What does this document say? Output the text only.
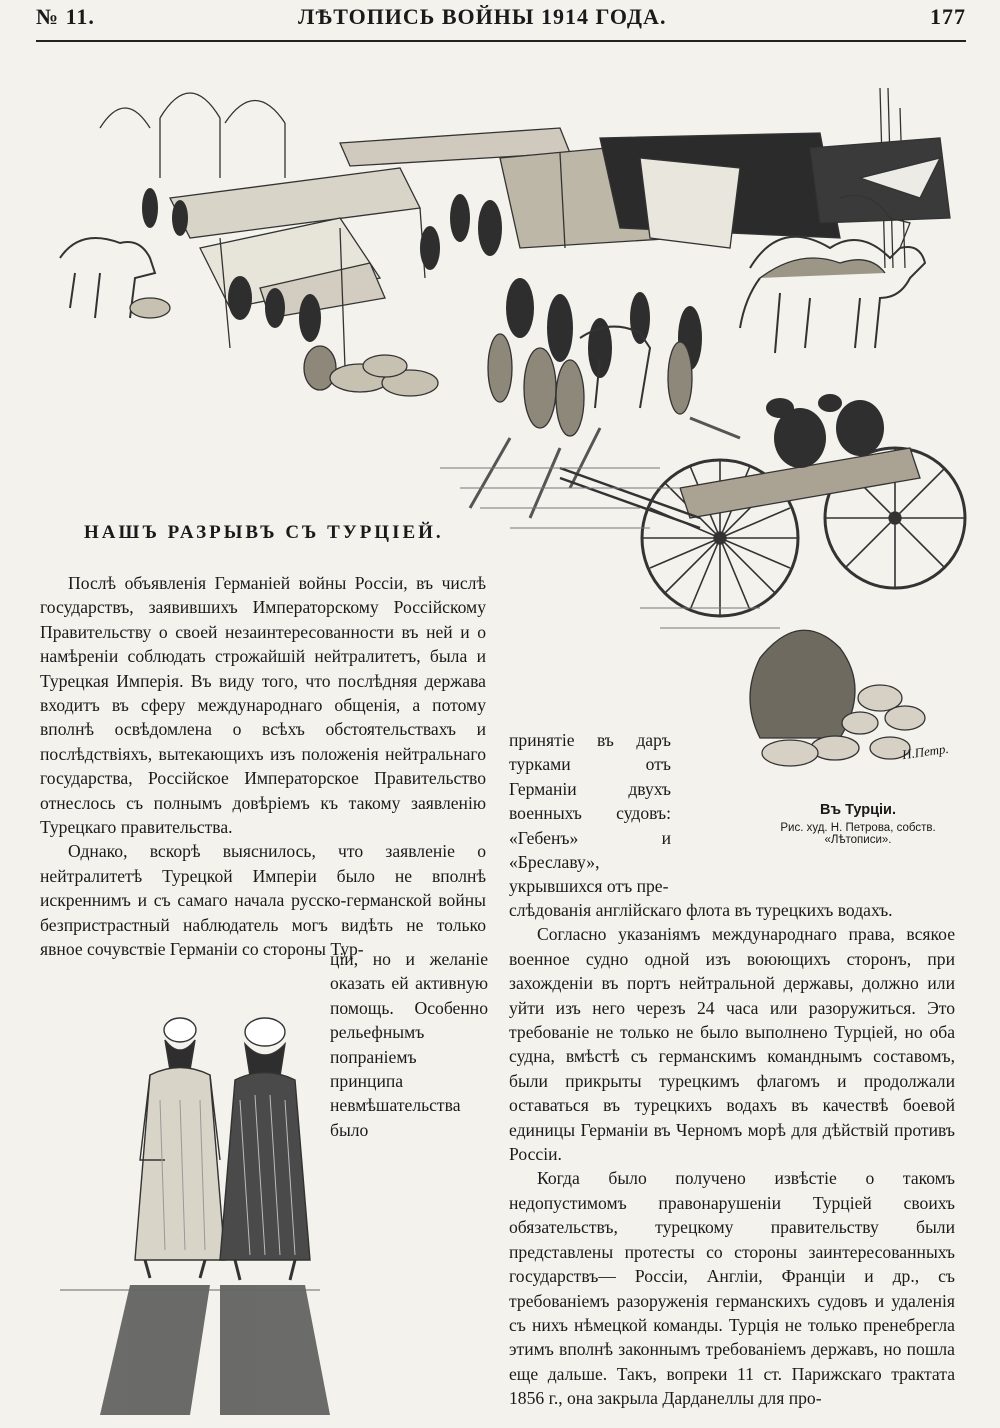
№ 11.	ЛѢТОПИСЬ ВОЙНЫ 1914 ГОДА.	177
Н.Петр.
НАШЪ РАЗРЫВЪ СЪ ТУРЦІЕЙ.

Послѣ объявленія Германіей войны Россіи, въ числѣ государствъ, заявившихъ Императорскому Россійскому Правительству о своей незаинтересованности въ ней и о намѣреніи соблюдать строжайшій нейтралитетъ, была и Турецкая Имперія. Въ виду того, что послѣдняя держава входитъ въ сферу международнаго общенія, а потому вполнѣ освѣдомлена о всѣхъ обстоятельствахъ и послѣдствіяхъ, вытекающихъ изъ положенія нейтральнаго государства, Россійское Императорское Правительство отнеслось съ полнымъ довѣріемъ къ такому заявленію Турецкаго правительства.

Однако, вскорѣ выяснилось, что заявленіе о нейтралитетѣ Турецкой Имперіи было не вполнѣ искреннимъ и съ самаго начала русско-германской войны безпристрастный наблюдатель могъ видѣть не только явное сочувствіе Германіи со стороны Тур-

ціи, но и желаніе оказать ей активную помощь. Особенно рельефнымъ попраніемъ принципа невмѣшательства было

принятіе въ даръ турками отъ Германіи двухъ военныхъ судовъ: «Гебенъ» и «Бреславу», укрывшихся отъ пре-

Въ Турціи.
Рис. худ. Н. Петрова, собств.
«Лѣтописи».

слѣдованія англійскаго флота въ турецкихъ водахъ.

Согласно указаніямъ международнаго права, всякое военное судно одной изъ воюющихъ сторонъ, при захожденіи въ портъ нейтральной державы, должно или уйти изъ него черезъ 24 часа или разоружиться. Это требованіе не только не было выполнено Турціей, но оба судна, вмѣстѣ съ германскимъ команднымъ составомъ, были прикрыты турецкимъ флагомъ и продолжали оставаться въ турецкихъ водахъ въ качествѣ боевой единицы Германіи въ Черномъ морѣ для дѣйствій противъ Россіи.

Когда было получено извѣстіе о такомъ недопустимомъ правонарушеніи Турціей своихъ обязательствъ, турецкому правительству были представлены протесты со стороны заинтересованныхъ государствъ— Россіи, Англіи, Франціи и др., съ требованіемъ разоруженія германскихъ судовъ и удаленія съ нихъ нѣмецкой команды. Турція не только пренебрегла этимъ вполнѣ законнымъ требованіемъ державъ, но пошла еще дальше. Такъ, вопреки 11 ст. Парижскаго трактата 1856 г., она закрыла Дарданеллы для про-
